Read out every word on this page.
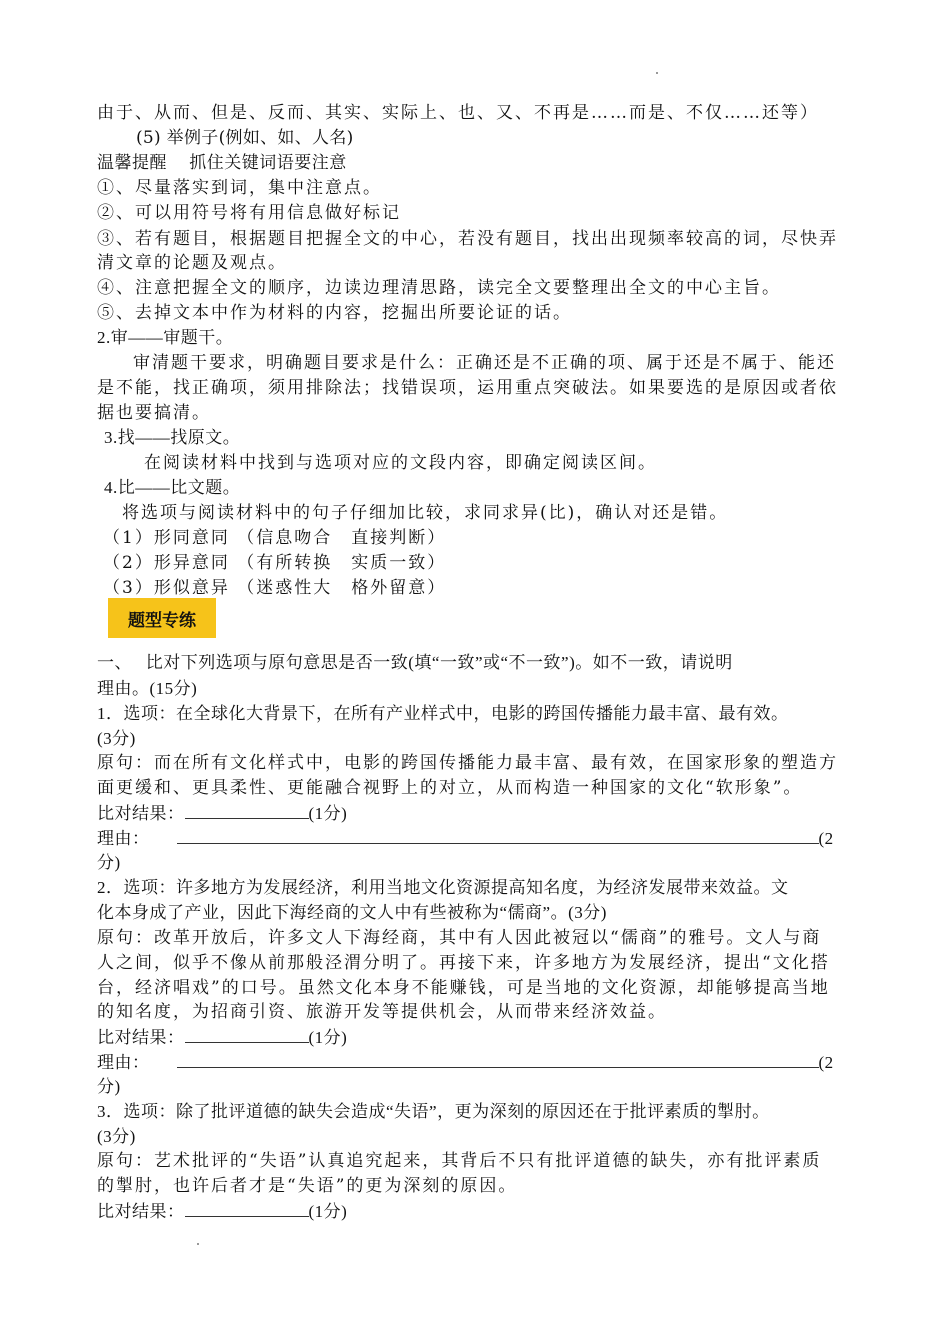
由于、从而、但是、反而、其实、实际上、也、又、不再是……而是、不仅……还等）
(5) 举例子(例如、如、人名)
温馨提醒　 抓住关键词语要注意
①、尽量落实到词，集中注意点。
②、可以用符号将有用信息做好标记
③、若有题目，根据题目把握全文的中心，若没有题目，找出出现频率较高的词，尽快弄
清文章的论题及观点。
④、注意把握全文的顺序，边读边理清思路，读完全文要整理出全文的中心主旨。
⑤、去掉文本中作为材料的内容，挖掘出所要论证的话。
2.审——审题干。
审清题干要求，明确题目要求是什么：正确还是不正确的项、属于还是不属于、能还
是不能，找正确项，须用排除法；找错误项，运用重点突破法。如果要选的是原因或者依
据也要搞清。
3.找——找原文。
在阅读材料中找到与选项对应的文段内容，即确定阅读区间。
4.比——比文题。
将选项与阅读材料中的句子仔细加比较，求同求异(比)，确认对还是错。
（1）形同意同 （信息吻合　直接判断）
（2）形异意同 （有所转换　实质一致）
（3）形似意异 （迷惑性大　格外留意）
题型专练
一、　 比对下列选项与原句意思是否一致(填“一致”或“不一致”)。如不一致，请说明
理由。(15分)
1．选项：在全球化大背景下，在所有产业样式中，电影的跨国传播能力最丰富、最有效。
(3分)
原句：而在所有文化样式中，电影的跨国传播能力最丰富、最有效，在国家形象的塑造方
面更缓和、更具柔性、更能融合视野上的对立，从而构造一种国家的文化“软形象”。
比对结果：	(1分)
理由：	(2
分)
2．选项：许多地方为发展经济，利用当地文化资源提高知名度，为经济发展带来效益。文
化本身成了产业，因此下海经商的文人中有些被称为“儒商”。(3分)
原句：改革开放后，许多文人下海经商，其中有人因此被冠以“儒商”的雅号。文人与商
人之间，似乎不像从前那般泾渭分明了。再接下来，许多地方为发展经济，提出“文化搭
台，经济唱戏”的口号。虽然文化本身不能赚钱，可是当地的文化资源，却能够提高当地
的知名度，为招商引资、旅游开发等提供机会，从而带来经济效益。
比对结果：	(1分)
理由：	(2
分)
3．选项：除了批评道德的缺失会造成“失语”，更为深刻的原因还在于批评素质的掣肘。
(3分)
原句：艺术批评的“失语”认真追究起来，其背后不只有批评道德的缺失，亦有批评素质
的掣肘，也许后者才是“失语”的更为深刻的原因。
比对结果：	(1分)
